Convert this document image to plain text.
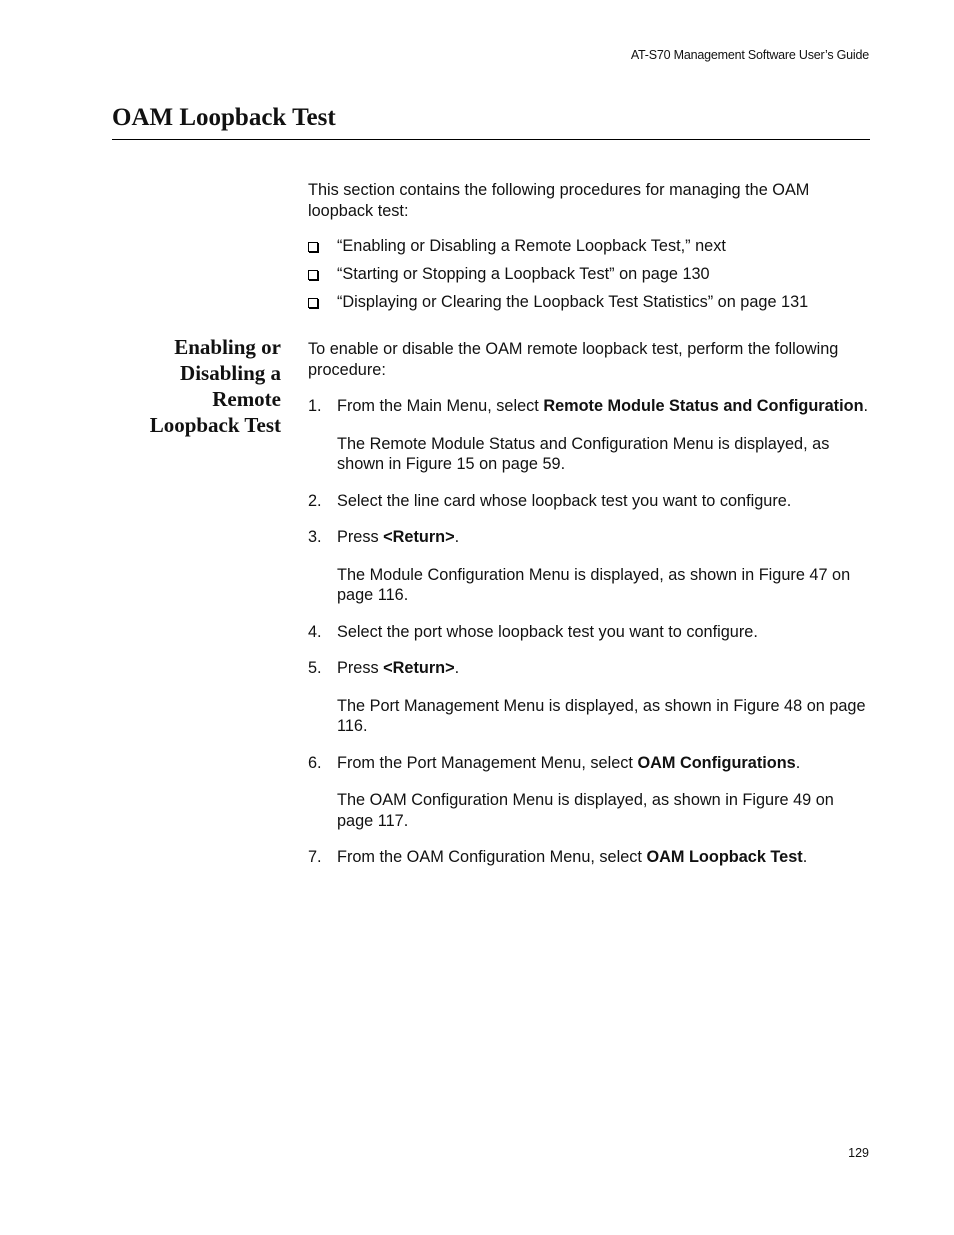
AT-S70 Management Software User’s Guide
OAM Loopback Test

This section contains the following procedures for managing the OAM loopback test:

“Enabling or Disabling a Remote Loopback Test,” next
“Starting or Stopping a Loopback Test” on page 130
“Displaying or Clearing the Loopback Test Statistics” on page 131
Enabling or
Disabling a
Remote
Loopback Test

To enable or disable the OAM remote loopback test, perform the following procedure:

1. From the Main Menu, select Remote Module Status and Configuration.

The Remote Module Status and Configuration Menu is displayed, as shown in Figure 15 on page 59.

2. Select the line card whose loopback test you want to configure.
3. Press <Return>.

The Module Configuration Menu is displayed, as shown in Figure 47 on page 116.

4. Select the port whose loopback test you want to configure.
5. Press <Return>.

The Port Management Menu is displayed, as shown in Figure 48 on page 116.

6. From the Port Management Menu, select OAM Configurations.

The OAM Configuration Menu is displayed, as shown in Figure 49 on page 117.

7. From the OAM Configuration Menu, select OAM Loopback Test.
129
